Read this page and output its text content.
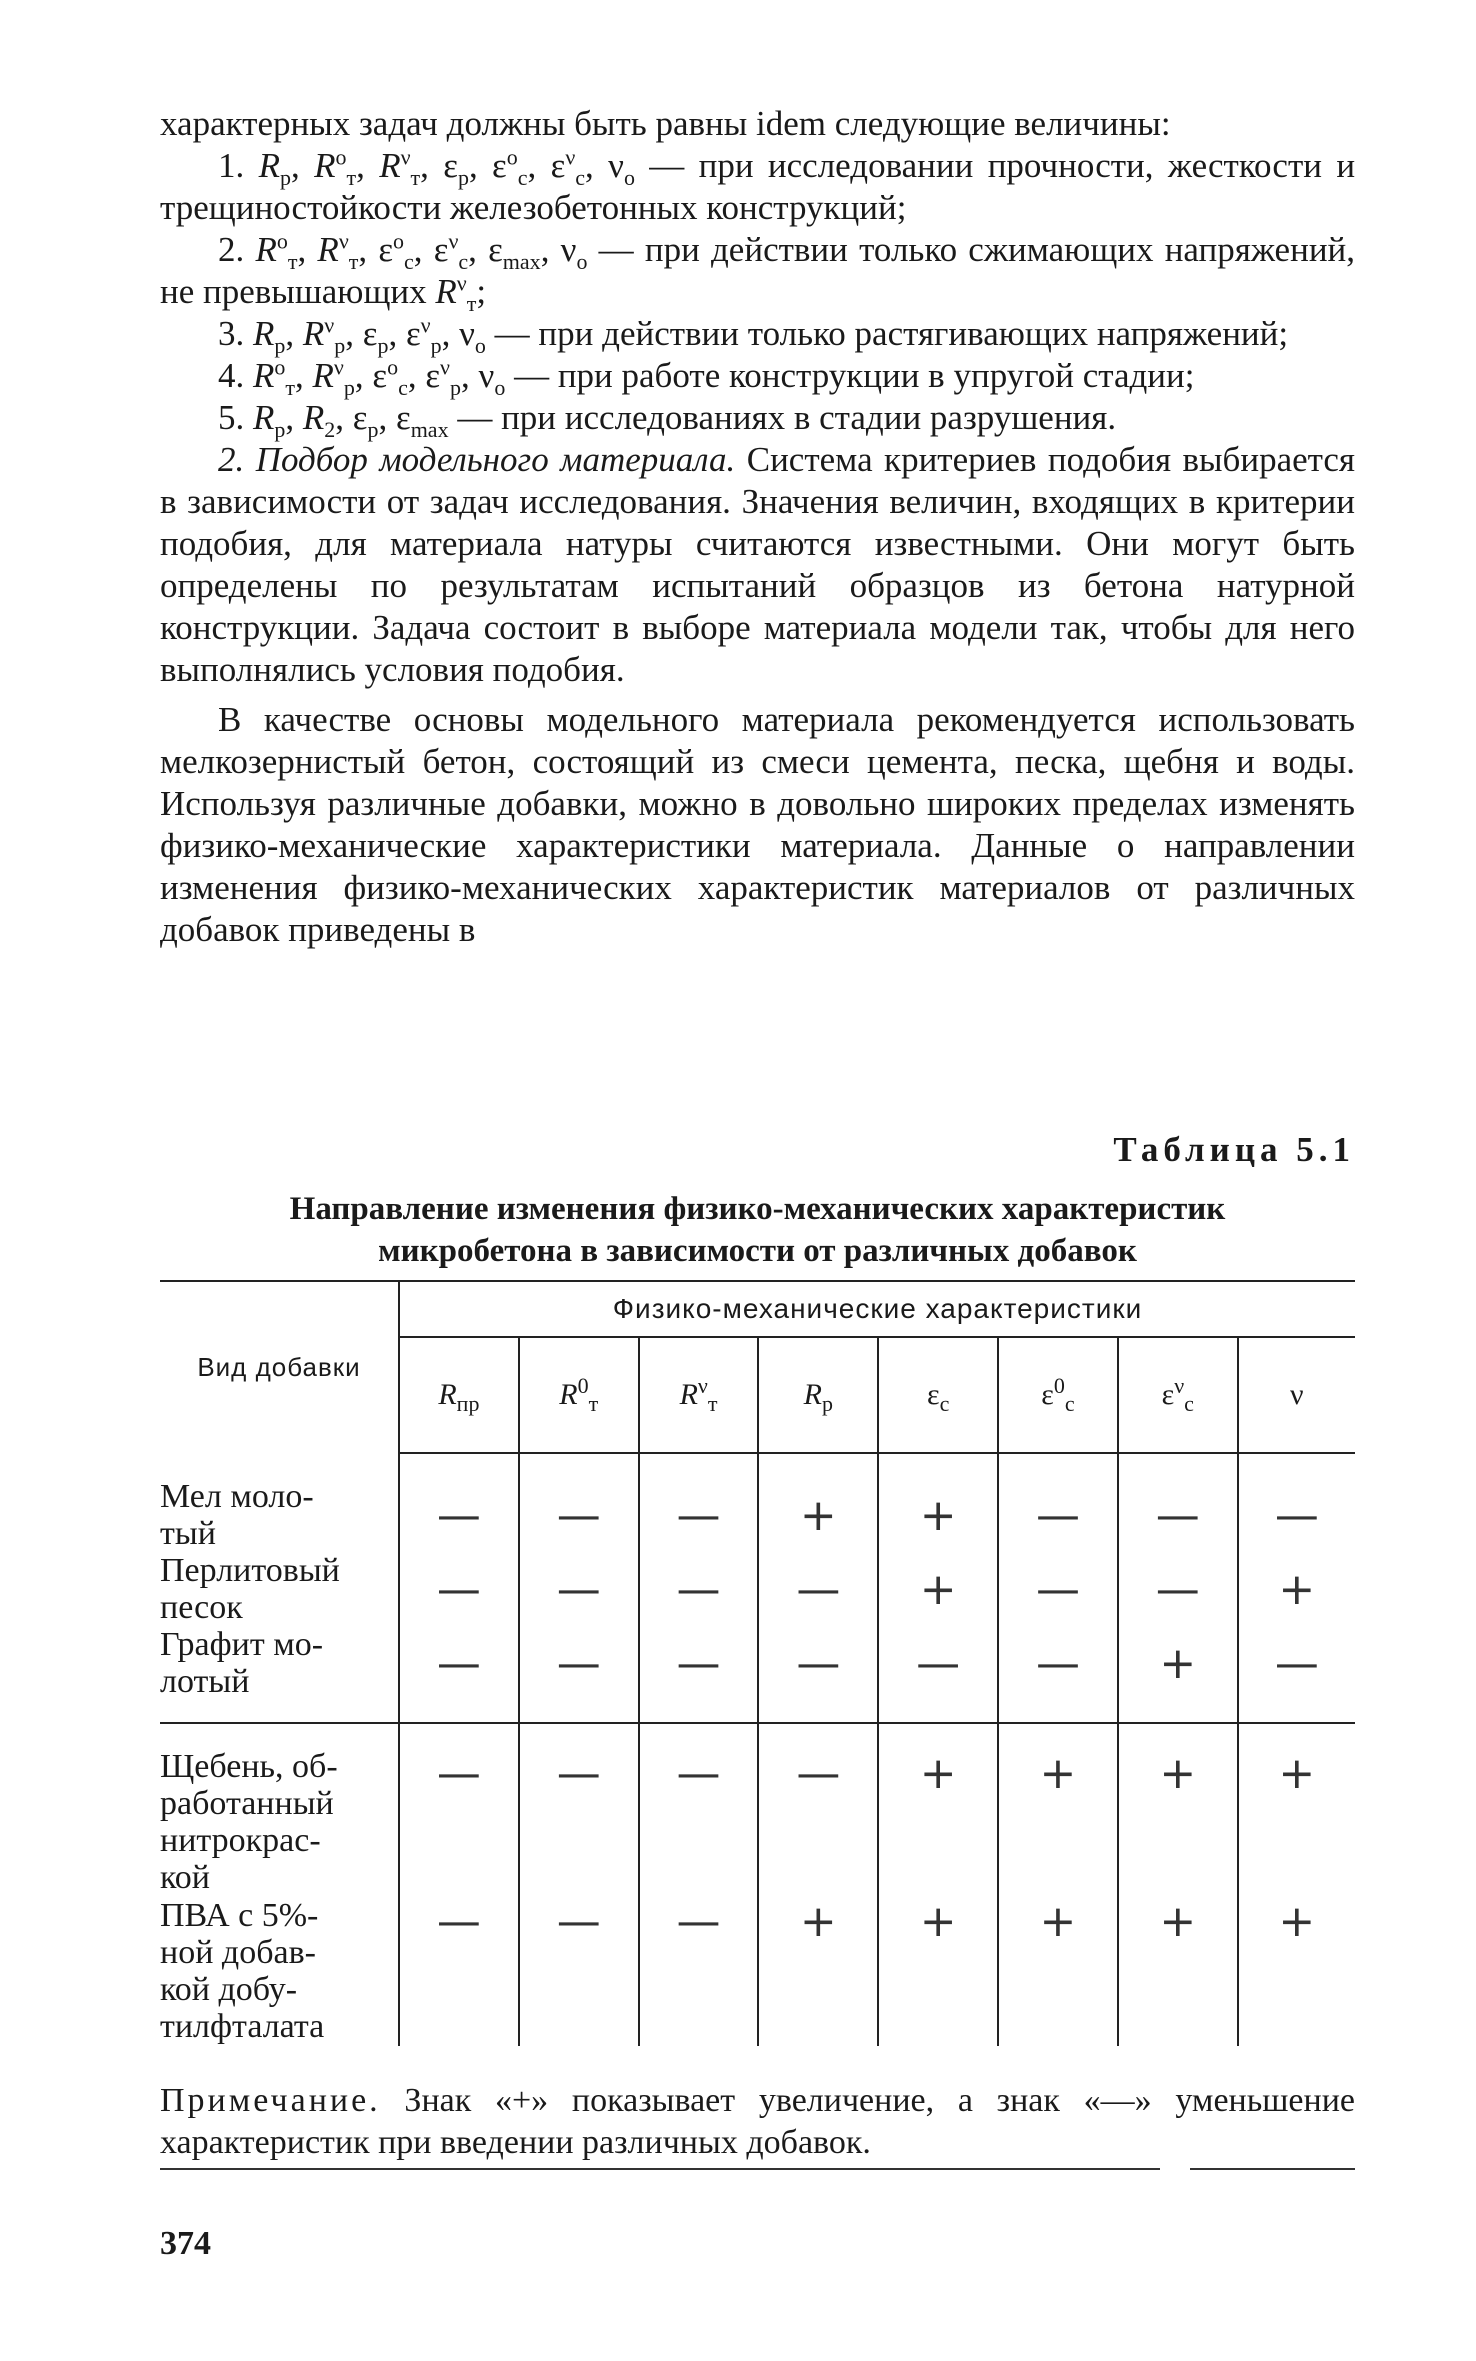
характерных задач должны быть равны idem следующие величины:

1. $R_р$, $R^о_т$, $R^\nu_т$, $\varepsilon_р$, $\varepsilon^о_с$, $\varepsilon^\nu_с$, $\nu_о$ — при исследовании прочности, жесткости и трещиностойкости железобетонных конструкций;

2. $R^о_т$, $R^\nu_т$, $\varepsilon^о_с$, $\varepsilon^\nu_с$, $\varepsilon_{max}$, $\nu_о$ — при действии только сжимающих напряжений, не превышающих $R^\nu_т$;

3. $R_р$, $R^\nu_р$, $\varepsilon_р$, $\varepsilon^\nu_р$, $\nu_о$ — при действии только растягивающих напряжений;

4. $R^о_т$, $R^\nu_р$, $\varepsilon^о_с$, $\varepsilon^\nu_р$, $\nu_о$ — при работе конструкции в упругой стадии;

5. $R_р$, $R_2$, $\varepsilon_р$, $\varepsilon_{max}$ — при исследованиях в стадии разрушения.

2. Подбор модельного материала. Система критериев подобия выбирается в зависимости от задач исследования. Значения величин, входящих в критерии подобия, для материала натуры считаются известными. Они могут быть определены по результатам испытаний образцов из бетона натурной конструкции. Задача состоит в выборе материала модели так, чтобы для него выполнялись условия подобия.

В качестве основы модельного материала рекомендуется использовать мелкозернистый бетон, состоящий из смеси цемента, песка, щебня и воды. Используя различные добавки, можно в довольно широких пределах изменять физико-механические характеристики материала. Данные о направлении изменения физико-механических характеристик материалов от различных добавок приведены в

Таблица 5.1
Направление изменения физико-механических характеристик
микробетона в зависимости от различных добавок
Вид добавки	Физико-механические характеристики							
	$R_{пр}$	$R^0_т$	$R^\nu_т$	$R_р$	$\varepsilon_с$	$\varepsilon^0_с$	$\varepsilon^\nu_с$	ν

Мел моло-
тый	—	—	—	+	+	—	—	—

Перлитовый
песок	—	—	—	—	+	—	—	+

Графит мо-
лотый	—	—	—	—	—	—	+	—

Щебень, об-
работанный
нитрокрас-
кой	—	—	—	—	+	+	+	+

ПВА с 5%-
ной добав-
кой добу-
тилфталата	—	—	—	+	+	+	+	+

Примечание. Знак «+» показывает увеличение, а знак «—» уменьшение характеристик при введении различных добавок.

374
